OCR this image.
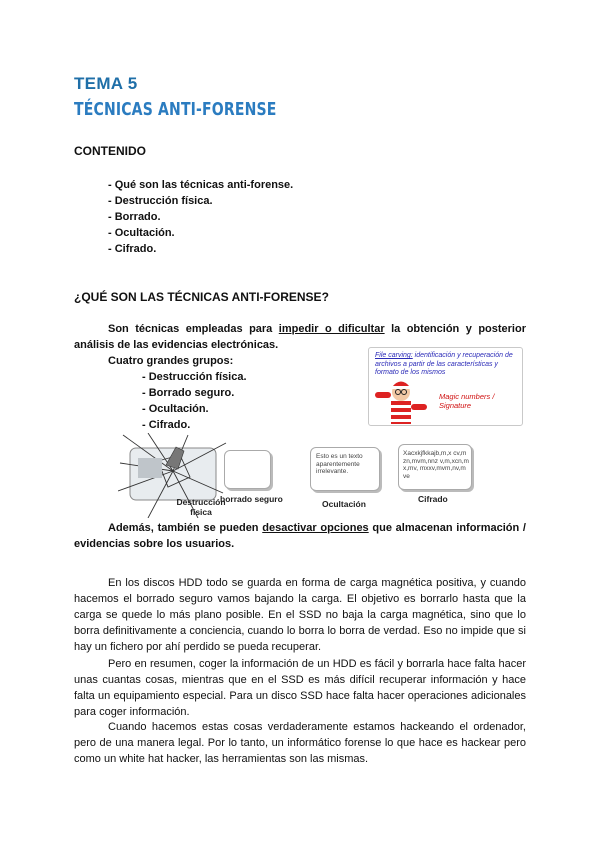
TEMA 5
TÉCNICAS ANTI-FORENSE
CONTENIDO
- Qué son las técnicas anti-forense.
- Destrucción física.
- Borrado.
- Ocultación.
- Cifrado.
¿QUÉ SON LAS TÉCNICAS ANTI-FORENSE?
Son técnicas empleadas para impedir o dificultar la obtención y posterior análisis de las evidencias electrónicas.
Cuatro grandes grupos:
- Destrucción física.
- Borrado seguro.
- Ocultación.
- Cifrado.
File carving: identificación y recuperación de archivos a partir de las características y formato de los mismos
Magic numbers / Signature
Destrucción física
borrado seguro
Esto es un texto aparentemente irrelevante.
Ocultación
Xacxkjfkkajb,m,x cv,mzn,mvm,nnz v,m,xcn,mx,mv, mxxv,mvm,nv,mve
Cifrado
Además, también se pueden desactivar opciones que almacenan información / evidencias sobre los usuarios.
En los discos HDD todo se guarda en forma de carga magnética positiva, y cuando hacemos el borrado seguro vamos bajando la carga. El objetivo es borrarlo hasta que la carga se quede lo más plano posible. En el SSD no baja la carga magnética, sino que lo borra definitivamente a conciencia, cuando lo borra lo borra de verdad. Eso no impide que si hay un fichero por ahí perdido se pueda recuperar.
Pero en resumen, coger la información de un HDD es fácil y borrarla hace falta hacer unas cuantas cosas, mientras que en el SSD es más difícil recuperar información y hace falta un equipamiento especial. Para un disco SSD hace falta hacer operaciones adicionales para coger información.
Cuando hacemos estas cosas verdaderamente estamos hackeando el ordenador, pero de una manera legal. Por lo tanto, un informático forense lo que hace es hackear pero como un white hat hacker, las herramientas son las mismas.
